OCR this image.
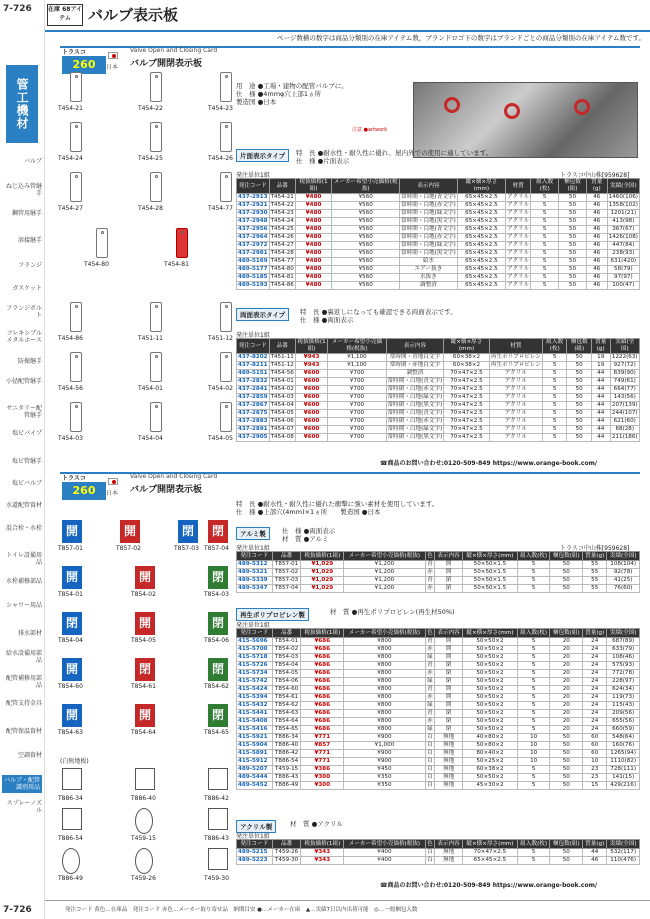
7-726
管工機材
バルブ
ねじ込み管継手
鋼管用継手
溶接継手
フランジ
ガスケット
フランジボルト
フレキシブルメタルホース
防振継手
小径配管継手
サニタリー配管継手
塩ビパイプ
塩ビ管継手
塩ビバルブ
水道配管資材
混合栓・水栓
トイレ設備用品
水栓補修部品
シャワー用品
排水部材
給水設備用部品
配管補修用部品
配管支持金具
配管保温資材
空調資材
バルブ・配管識別用品
スプレーノズル
在庫 68アイテム	バルブ表示板
ページ数横の数字は商品分類別の在庫アイテム数，ブランドロゴ下の数字はブランドごとの商品分類別の在庫アイテム数です。
トラスコ	Valve Open and Closing Card
260	日本 バルブ開閉表示板
T454-21	T454-22	T454-23
T454-24	T454-25	T454-26
T454-27	T454-28	T454-77
T454-80	T454-81
T454-86	T451-11	T451-12
T454-56	T454-01	T454-02
T454-03	T454-04	T454-05
用　途 ●工場・建物の配管バルブに。
仕　様 ●4mmφ穴上部1ヵ所
製造国 ●日本
注意 ●artwork
片面表示タイプ	特　長 ●耐水性・耐久性に優れ、屋内外での使用に適しています。
仕　様 ●片面表示
発注単位1組	トラスコ中山株[959628]
発注コード	品番	税抜価格(1組)	メーカー希望小売価格(税抜)	表示内容	縦×横×厚さ(mm)	材質	組入数(枚)	梱包数(組)	質量(g)	実績(全国)
437-2913	T454-21	¥480	¥560	常時開・白地(青文字)	65×45×2.5	アクリル	5	50	46	1460(106)
437-2921	T454-22	¥480	¥560	常時閉・白地(赤文字)	65×45×2.5	アクリル	5	50	46	1358(102)
437-2930	T454-23	¥480	¥560	常時開・白地(緑文字)	65×45×2.5	アクリル	5	50	46	1201(21)
437-2948	T454-24	¥480	¥560	常時開・白地(黒文字)	65×45×2.5	アクリル	5	50	46	413(98)
437-2956	T454-25	¥480	¥560	常時開・白地(青文字)	65×45×2.5	アクリル	5	50	46	367(67)
437-2964	T454-26	¥480	¥560	常時閉・白地(赤文字)	65×45×2.5	アクリル	5	50	46	1426(108)
437-2972	T454-27	¥480	¥560	常時開・白地(緑文字)	65×45×2.5	アクリル	5	50	46	447(84)
437-2981	T454-28	¥480	¥560	常時閉・白地(黒文字)	65×45×2.5	アクリル	5	50	46	238(93)
489-5169	T454-77	¥480	¥560	給水	65×45×2.5	アクリル	5	50	46	631(420)
489-5177	T454-80	¥480	¥560	エアー抜き	65×45×2.5	アクリル	5	50	46	58(79)
489-5185	T454-81	¥480	¥560	水抜き	65×45×2.5	アクリル	5	50	46	97(97)
489-5193	T454-86	¥480	¥560	調整済	65×45×2.5	アクリル	5	50	46	100(47)
両面表示タイプ	特　長 ●裏返しになっても確認できる両面表示です。
仕　様 ●両面表示
発注単位1組
発注コード	品番	税抜価格(1組)	メーカー希望小売価格(税抜)	表示内容	縦×横×厚さ(mm)	材質	組入数(枚)	梱包数(組)	質量(g)	実績(全国)
437-8202	T451-11	¥943	¥1,100	常時開・青地白文字	60×38×2	再生ポリプロピレン	5	50	19	1222(63)
437-8211	T451-12	¥943	¥1,100	常時閉・赤地白文字	60×38×2	再生ポリプロピレン	5	50	19	927(72)
489-5151	T454-56	¥600	¥700	調整済	70×47×2.5	アクリル	5	50	44	839(90)
437-2832	T454-01	¥600	¥700	常時開・白地(青文字)	70×47×2.5	アクリル	5	50	44	749(61)
437-2841	T454-02	¥600	¥700	常時閉・白地(赤文字)	70×47×2.5	アクリル	5	50	44	664(77)
437-2859	T454-03	¥600	¥700	常時開・白地(緑文字)	70×47×2.5	アクリル	5	50	44	143(56)
437-2867	T454-04	¥600	¥700	常時閉・白地(黒文字)	70×47×2.5	アクリル	5	50	44	207(139)
437-2875	T454-05	¥600	¥700	常時開・白地(青文字)	70×47×2.5	アクリル	5	50	44	244(107)
437-2883	T454-06	¥600	¥700	常時閉・白地(赤文字)	70×47×2.5	アクリル	5	50	44	621(60)
437-2891	T454-07	¥600	¥700	常時開・白地(緑文字)	70×47×2.5	アクリル	5	50	44	68(28)
437-2905	T454-08	¥600	¥700	常時閉・白地(黒文字)	70×47×2.5	アクリル	5	50	44	211(186)
☎商品のお問い合わせ:0120-509-849 https://www.orange-book.com/
トラスコ	Valve Open and Closing Card
260	日本 バルブ開閉表示板
特　長 ●耐水性・耐久性に優れた衝撃に強い素材を使用しています。
仕　様 ●上部穴(4mm)×1ヵ所　　製造国 ●日本
開
T857-01
開
T857-02
閉
T857-03
閉
T857-04
開
T854-01
開
T854-02
閉
T854-03
閉
T854-04
開
T854-05
閉
T854-06
開
T854-60
閉
T854-61
閉
T854-62
開
T854-63
開
T854-64
閉
T854-65
T886-34	T886-40	T886-42
T886-54	T459-15	T886-43
T886-49	T459-26	T459-30
(白無地板)
アルミ製	仕　様 ●両面表示
材　質 ●アルミ
発注単位1組	トラスコ中山株[959628]
発注コード	品番	税抜価格(1組)	メーカー希望小売価格(税抜)	色	表示内容	縦×横×厚さ(mm)	組入数(枚)	梱包数(組)	質量(g)	実績(全国)
489-5312	T857-01	¥1,029	¥1,200	青	開	50×50×1.5	5	50	55	108(104)
489-5321	T857-02	¥1,029	¥1,200	赤	開	50×50×1.5	5	50	55	92(78)
489-5339	T857-03	¥1,029	¥1,200	青	閉	50×50×1.5	5	50	55	41(25)
489-5347	T857-04	¥1,029	¥1,200	赤	閉	50×50×1.5	5	50	55	76(60)
再生ポリプロピレン製	材　質 ●再生ポリプロピレン(再生材50%)
発注単位1組
発注コード	品番	税抜価格(1組)	メーカー希望小売価格(税抜)	色	表示内容	縦×横×厚さ(mm)	組入数(枚)	梱包数(組)	質量(g)	実績(全国)
415-5696	T854-01	¥686	¥800	青	開	50×50×2	5	20	24	687(89)
415-5700	T854-02	¥686	¥800	赤	開	50×50×2	5	20	24	633(79)
415-5718	T854-03	¥686	¥800	緑	開	50×50×2	5	20	24	108(46)
415-5726	T854-04	¥686	¥800	青	閉	50×50×2	5	20	24	575(93)
415-5734	T854-05	¥686	¥800	赤	閉	50×50×2	5	20	24	772(78)
415-5742	T854-06	¥686	¥800	緑	閉	50×50×2	5	20	24	228(97)
415-5424	T854-60	¥686	¥800	青	開	50×50×2	5	20	24	624(34)
415-5394	T854-61	¥686	¥800	赤	開	50×50×2	5	20	24	119(73)
415-5432	T854-62	¥686	¥800	緑	開	50×50×2	5	20	24	115(43)
415-5441	T854-63	¥686	¥800	青	閉	50×50×2	5	20	24	209(56)
415-5408	T854-64	¥686	¥800	赤	閉	50×50×2	5	20	24	655(56)
415-5416	T854-65	¥686	¥800	緑	閉	50×50×2	5	20	24	660(59)
415-5921	T886-34	¥771	¥900	白	無地	40×80×2	10	50	60	548(64)
415-5904	T886-40	¥857	¥1,000	白	無地	50×80×2	10	50	60	160(76)
415-5891	T886-42	¥771	¥900	白	無地	80×40×2	10	50	60	1265(94)
415-5912	T886-54	¥771	¥900	白	無地	50×25×2	10	50	10	1110(82)
489-5207	T459-15	¥386	¥450	白	無地	60×38×2	5	50	23	728(111)
489-5444	T886-43	¥300	¥350	白	無地	50×50×2	5	50	23	141(15)
489-5452	T886-49	¥300	¥350	白	無地	45×30×2	5	50	15	429(216)
アクリル製	材　質 ●アクリル
発注単位1組
発注コード	品番	税抜価格(1組)	メーカー希望小売価格(税抜)	色	表示内容	縦×横×厚さ(mm)	組入数(枚)	梱包数(組)	質量(g)	実績(全国)
489-5215	T459-26	¥343	¥400	白	無地	70×47×2.5	5	50	44	532(117)
489-5223	T459-30	¥343	¥400	白	無地	65×45×2.5	5	50	46	110(476)
☎商品のお問い合わせ:0120-509-849 https://www.orange-book.com/
7-726	発注コード 黄色…在庫品　発注コード 赤色…メーカー取り寄せ品　納期目安 ●…メーカー在庫　▲…実績7日以内出荷可能　◎…一般梱包入数
